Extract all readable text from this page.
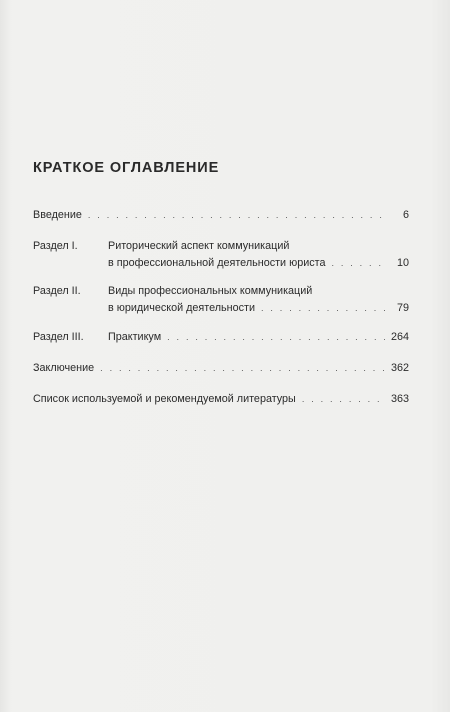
КРАТКОЕ ОГЛАВЛЕНИЕ
Введение . . .	6
Раздел I.	Риторический аспект коммуникаций
в профессиональной деятельности юриста . . .	10
Раздел II.	Виды профессиональных коммуникаций
в юридической деятельности . . .	79
Раздел III.	Практикум . . .	264
Заключение . . .	362
Список используемой и рекомендуемой литературы . . .	363
